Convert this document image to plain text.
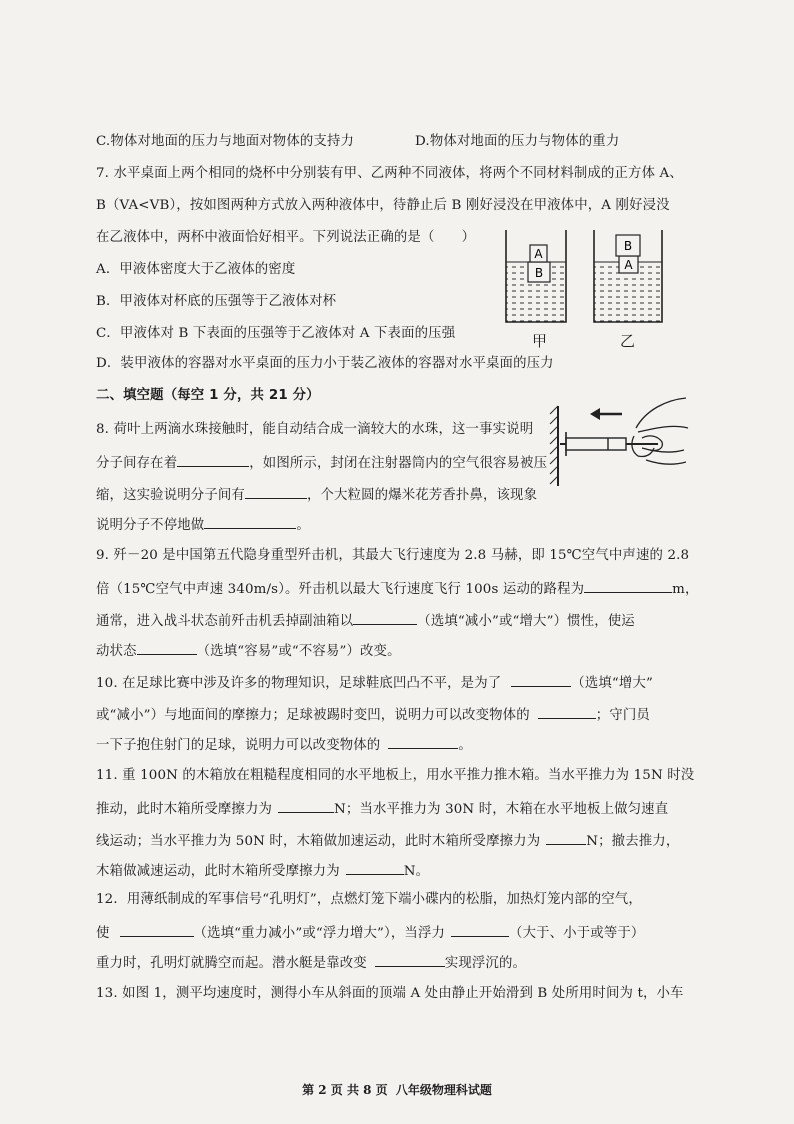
C.物体对地面的压力与地面对物体的支持力	D.物体对地面的压力与物体的重力
7. 水平桌面上两个相同的烧杯中分别装有甲、乙两种不同液体，将两个不同材料制成的正方体 A、
B（VA<VB），按如图两种方式放入两种液体中，待静止后 B 刚好浸没在甲液体中，A 刚好浸没
在乙液体中，两杯中液面恰好相平。下列说法正确的是（　　）
A．甲液体密度大于乙液体的密度
B．甲液体对杯底的压强等于乙液体对杯
C．甲液体对 B 下表面的压强等于乙液体对 A 下表面的压强
D．装甲液体的容器对水平桌面的压力小于装乙液体的容器对水平桌面的压力
A
B
A
B
甲	乙
二、填空题（每空 1 分，共 21 分）
8. 荷叶上两滴水珠接触时，能自动结合成一滴较大的水珠，这一事实说明
分子间存在着	，如图所示，封闭在注射器筒内的空气很容易被压
缩，这实验说明分子间有	，个大粒圆的爆米花芳香扑鼻，该现象
说明分子不停地做	。
9. 歼－20 是中国第五代隐身重型歼击机，其最大飞行速度为 2.8 马赫，即 15℃空气中声速的 2.8
倍（15℃空气中声速 340m/s）。歼击机以最大飞行速度飞行 100s 运动的路程为	m，
通常，进入战斗状态前歼击机丢掉副油箱以	（选填“减小”或“增大”）惯性，使运
动状态	（选填“容易”或“不容易”）改变。
10. 在足球比赛中涉及许多的物理知识，足球鞋底凹凸不平，是为了	（选填“增大”
或“减小”）与地面间的摩擦力；足球被踢时变凹，说明力可以改变物体的	；守门员
一下子抱住射门的足球，说明力可以改变物体的	。
11. 重 100N 的木箱放在粗糙程度相同的水平地板上，用水平推力推木箱。当水平推力为 15N 时没
推动，此时木箱所受摩擦力为	N；当水平推力为 30N 时，木箱在水平地板上做匀速直
线运动；当水平推力为 50N 时，木箱做加速运动，此时木箱所受摩擦力为	N；撤去推力，
木箱做减速运动，此时木箱所受摩擦力为	N。
12．用薄纸制成的军事信号“孔明灯”，点燃灯笼下端小碟内的松脂，加热灯笼内部的空气，
使	（选填“重力减小”或“浮力增大”），当浮力	（大于、小于或等于）
重力时，孔明灯就腾空而起。潜水艇是靠改变	实现浮沉的。
13. 如图 1，测平均速度时，测得小车从斜面的顶端 A 处由静止开始滑到 B 处所用时间为 t，小车
第 2 页 共 8 页 八年级物理科试题
